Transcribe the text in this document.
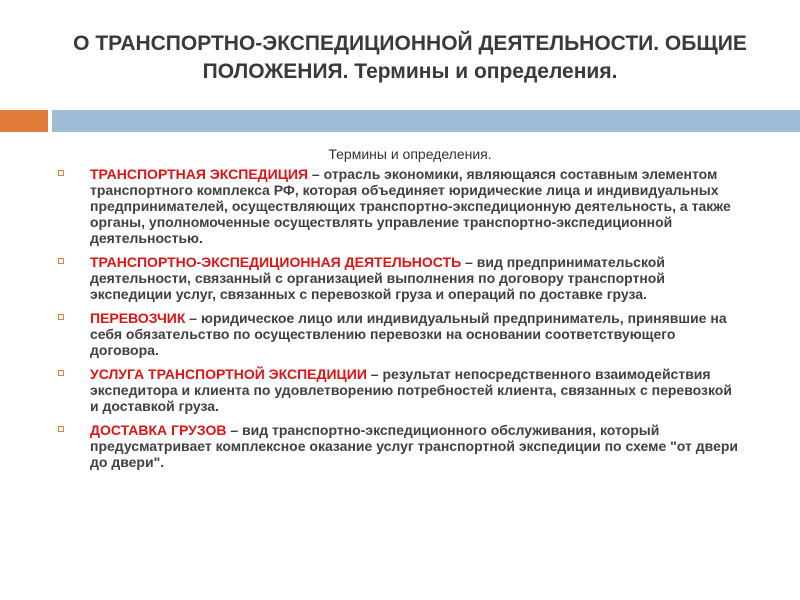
О ТРАНСПОРТНО-ЭКСПЕДИЦИОННОЙ ДЕЯТЕЛЬНОСТИ. ОБЩИЕ ПОЛОЖЕНИЯ. Термины и определения.
Термины и определения.
ТРАНСПОРТНАЯ ЭКСПЕДИЦИЯ – отрасль экономики, являющаяся составным элементом транспортного комплекса РФ, которая объединяет юридические лица и индивидуальных предпринимателей, осуществляющих транспортно-экспедиционную деятельность, а также органы, уполномоченные осуществлять управление транспортно-экспедиционной деятельностью.
ТРАНСПОРТНО-ЭКСПЕДИЦИОННАЯ ДЕЯТЕЛЬНОСТЬ – вид предпринимательской деятельности, связанный с организацией выполнения по договору транспортной экспедиции услуг, связанных с перевозкой груза и операций по доставке груза.
ПЕРЕВОЗЧИК – юридическое лицо или индивидуальный предприниматель, принявшие на себя обязательство по осуществлению перевозки на основании соответствующего договора.
УСЛУГА ТРАНСПОРТНОЙ ЭКСПЕДИЦИИ – результат непосредственного взаимодействия экспедитора и клиента по удовлетворению потребностей клиента, связанных с перевозкой и доставкой груза.
ДОСТАВКА ГРУЗОВ – вид транспортно-экспедиционного обслуживания, который предусматривает комплексное оказание услуг транспортной экспедиции по схеме "от двери до двери".
